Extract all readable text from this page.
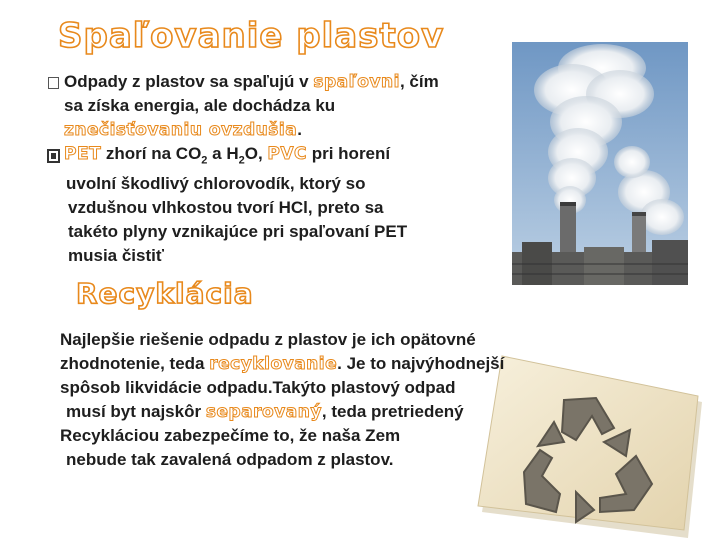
Spaľovanie plastov
Odpady z plastov sa spaľujú v spaľovni, čím
sa získa energia, ale dochádza ku
znečisťovaniu ovzdušia.
PET zhorí na $CO_2$ a $H_2O$, PVC pri horení
uvolní škodlivý chlorovodík, ktorý so
vzdušnou vlhkostou tvorí HCl, preto sa
takéto plyny vznikajúce pri spaľovaní PET
musia čistiť
Recyklácia
Najlepšie riešenie odpadu z plastov je ich opätovné
zhodnotenie, teda recyklovanie. Je to najvýhodnejší
spôsob likvidácie odpadu.Takýto plastový odpad
musí byt najskôr separovaný, teda pretriedený
Recykláciou zabezpečíme to, že naša Zem
nebude tak zavalená odpadom z plastov.
